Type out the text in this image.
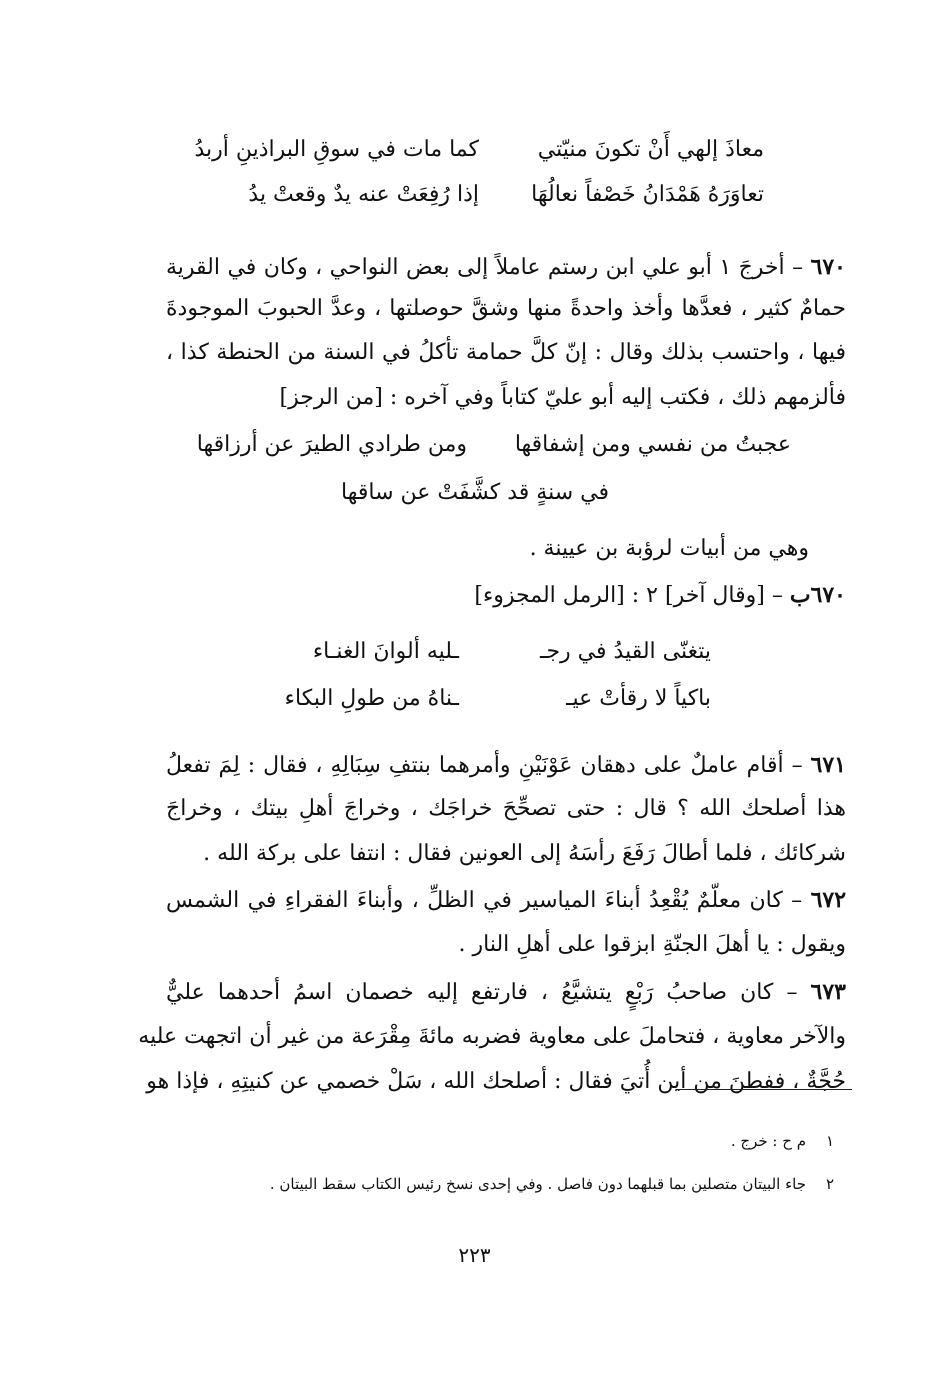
معاذَ إلهي أَنْ تكونَ منيّتي
كما مات في سوقِ البراذينِ أربدُ
تعاوَرَهُ هَمْدَانُ خَصْفاً نعالُهَا
إذا رُفِعَتْ عنه يدٌ وقعتْ يدُ

٦٧٠ – أخرجَ ١ أبو علي ابن رستم عاملاً إلى بعض النواحي ، وكان في القرية

حمامٌ كثير ، فعدَّها وأخذ واحدةً منها وشقَّ حوصلتها ، وعدَّ الحبوبَ الموجودةَ

فيها ، واحتسب بذلك وقال : إنّ كلَّ حمامة تأكلُ في السنة من الحنطة كذا ،

فألزمهم ذلك ، فكتب إليه أبو عليّ كتاباً وفي آخره : [من الرجز]

عجبتُ من نفسي ومن إشفاقها
ومن طرادي الطيرَ عن أرزاقها
في سنةٍ قد كشَّفَتْ عن ساقها

وهي من أبيات لرؤبة بن عيينة .

٦٧٠ب – [وقال آخر] ٢ : [الرمل المجزوء]

يتغنّى القيدُ في رجـ
ـليه ألوانَ الغنـاء
باكياً لا رقأتْ عيـ
ـناهُ من طولِ البكاء

٦٧١ – أقام عاملٌ على دهقان عَوْنَيْنِ وأمرهما بنتفِ سِبَالِهِ ، فقال : لِمَ تفعلُ

هذا أصلحك الله ؟ قال : حتى تصحِّحَ خراجَك ، وخراجَ أهلِ بيتك ، وخراجَ

شركائك ، فلما أطالَ رَفَعَ رأسَهُ إلى العونين فقال : انتفا على بركة الله .

٦٧٢ – كان معلّمٌ يُقْعِدُ أبناءَ المياسير في الظلِّ ، وأبناءَ الفقراءِ في الشمس

ويقول : يا أهلَ الجنّةِ ابزقوا على أهلِ النار .

٦٧٣ – كان صاحبُ رَبْعٍ يتشيَّعُ ، فارتفع إليه خصمان اسمُ أحدهما عليٌّ

والآخر معاوية ، فتحاملَ على معاوية فضربه مائةَ مِقْرَعة من غير أن اتجهت عليه

حُجَّةٌ ، ففطنَ من أين أُتيَ فقال : أصلحك الله ، سَلْ خصمي عن كنيتِهِ ، فإذا هو

١
م ح : خرج .
٢
جاء البيتان متصلين بما قبلهما دون فاصل . وفي إحدى نسخ رئيس الكتاب سقط البيتان .
٢٢٣
